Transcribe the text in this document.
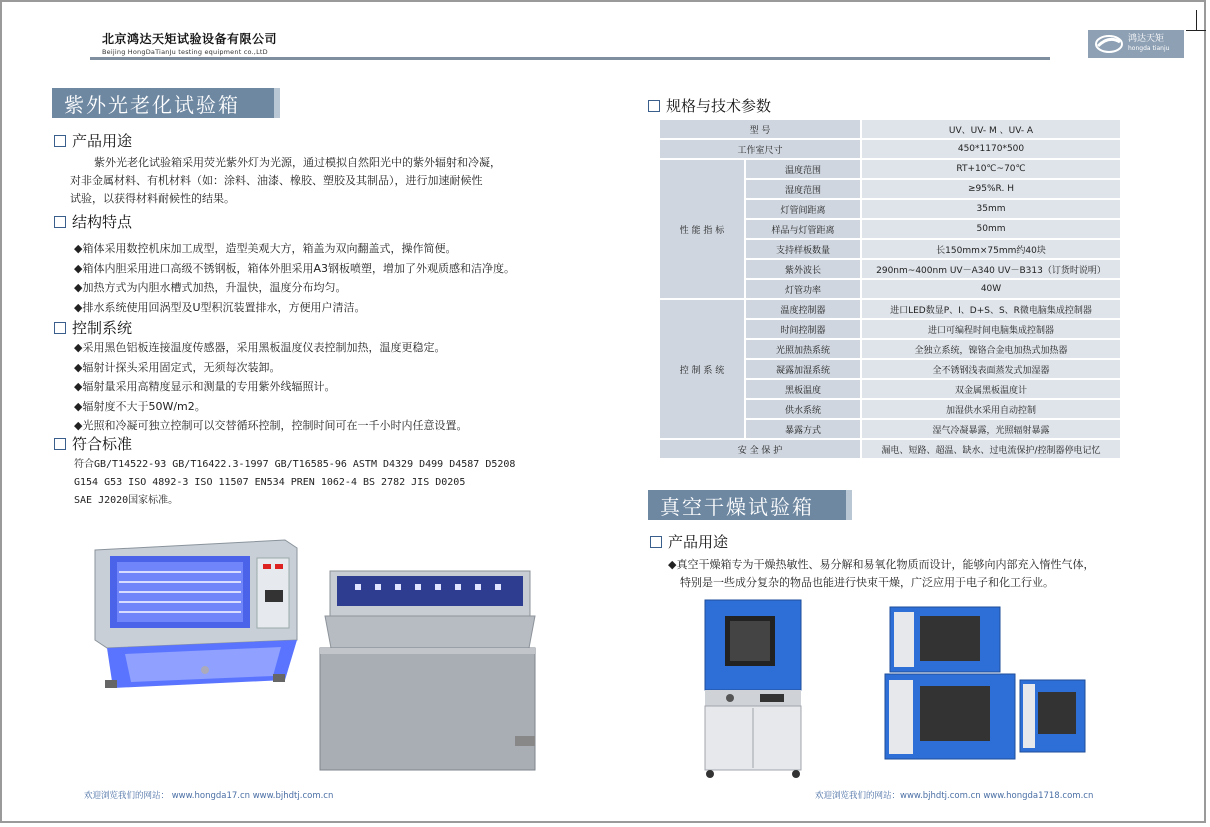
北京鸿达天矩试验设备有限公司
Beijing HongDaTianJu testing equipment co.,LtD
鸿达天矩
hongda tianju
紫外光老化试验箱
产品用途
紫外光老化试验箱采用荧光紫外灯为光源，通过模拟自然阳光中的紫外辐射和冷凝，
对非金属材料、有机材料（如：涂料、油漆、橡胶、塑胶及其制品），进行加速耐候性
试验，以获得材料耐候性的结果。
结构特点
◆箱体采用数控机床加工成型，造型美观大方，箱盖为双向翻盖式，操作简便。
◆箱体内胆采用进口高级不锈钢板，箱体外胆采用A3钢板喷塑，增加了外观质感和洁净度。
◆加热方式为内胆水槽式加热，升温快，温度分布均匀。
◆排水系统使用回涡型及U型积沉装置排水，方便用户清洁。
控制系统
◆采用黑色铝板连接温度传感器，采用黑板温度仪表控制加热，温度更稳定。
◆辐射计探头采用固定式，无须每次装卸。
◆辐射量采用高精度显示和测量的专用紫外线辐照计。
◆辐射度不大于50W/m2。
◆光照和冷凝可独立控制可以交替循环控制，控制时间可在一千小时内任意设置。
符合标准
符合GB/T14522-93 GB/T16422.3-1997 GB/T16585-96 ASTM D4329 D499 D4587 D5208
G154 G53 ISO 4892-3 ISO 11507 EN534 PREN 1062-4 BS 2782 JIS D0205
SAE J2020国家标准。
欢迎浏览我们的网站： www.hongda17.cn www.bjhdtj.com.cn
规格与技术参数
型 号		UV、UV- M 、UV- A
工作室尺寸		450*1170*500
性 能 指 标	温度范围	RT+10℃~70℃
	湿度范围	≥95%R. H
	灯管间距离	35mm
	样品与灯管距离	50mm
	支持样板数量	长150mm×75mm约40块
	紫外波长	290nm~400nm UV－A340 UV－B313（订货时说明）
	灯管功率	40W
控 制 系 统	温度控制器	进口LED数显P、I、D+S、S、R微电脑集成控制器
	时间控制器	进口可编程时间电脑集成控制器
	光照加热系统	全独立系统，镍铬合金电加热式加热器
	凝露加湿系统	全不锈钢浅表面蒸发式加湿器
	黑板温度	双金属黑板温度计
	供水系统	加湿供水采用自动控制
	暴露方式	湿气冷凝暴露，光照辐射暴露
安 全 保 护		漏电、短路、超温、缺水、过电流保护/控制器停电记忆
真空干燥试验箱
产品用途
◆真空干燥箱专为干燥热敏性、易分解和易氧化物质而设计，能够向内部充入惰性气体，
特别是一些成分复杂的物品也能进行快束干燥，广泛应用于电子和化工行业。
欢迎浏览我们的网站：www.bjhdtj.com.cn www.hongda1718.com.cn
